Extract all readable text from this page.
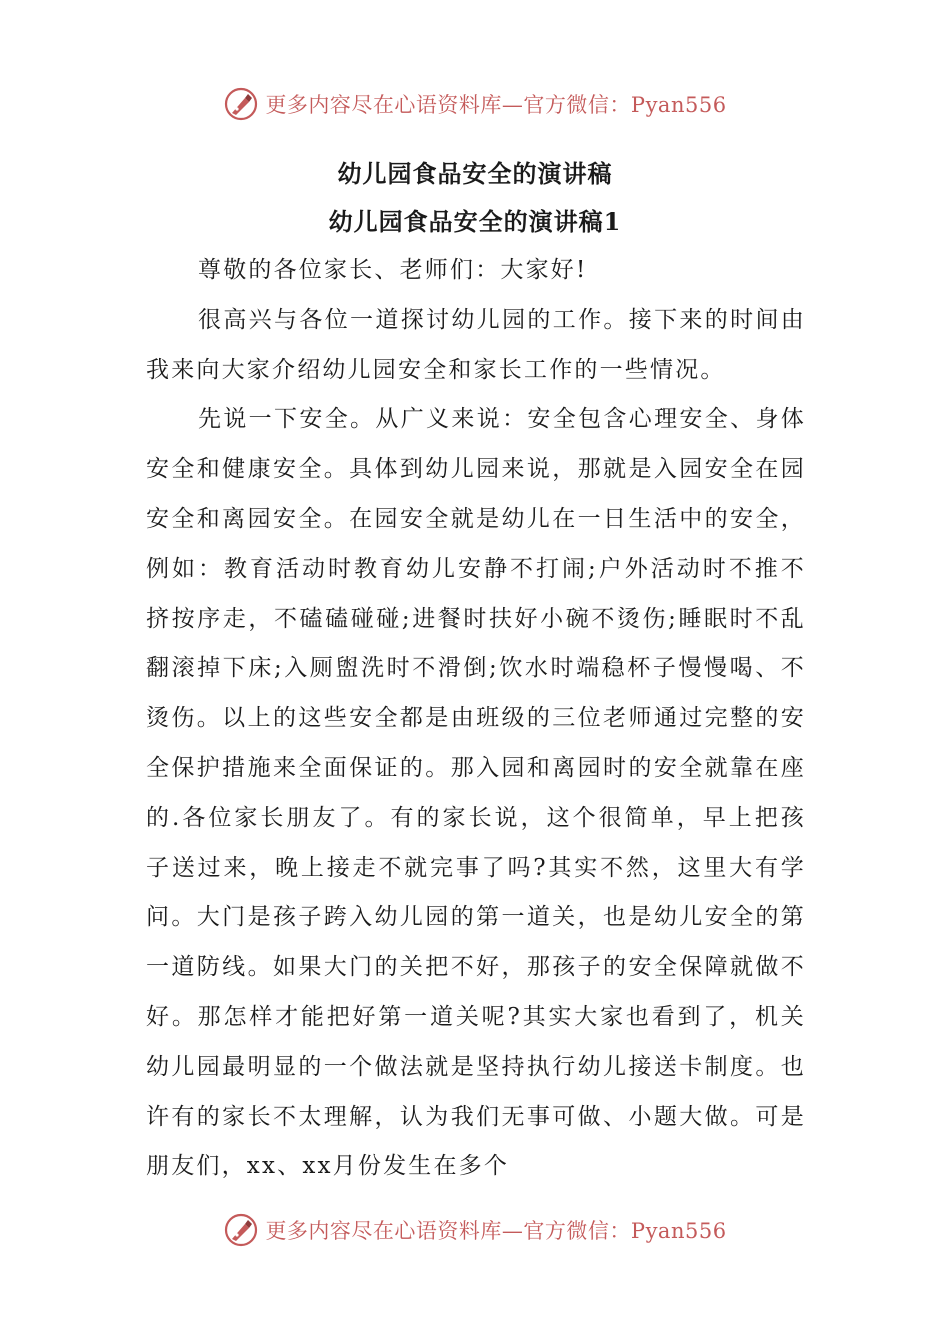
更多内容尽在心语资料库—官方微信：Pyan556
幼儿园食品安全的演讲稿
幼儿园食品安全的演讲稿1

尊敬的各位家长、老师们：大家好!

很高兴与各位一道探讨幼儿园的工作。接下来的时间由我来向大家介绍幼儿园安全和家长工作的一些情况。

先说一下安全。从广义来说：安全包含心理安全、身体安全和健康安全。具体到幼儿园来说，那就是入园安全在园安全和离园安全。在园安全就是幼儿在一日生活中的安全，例如：教育活动时教育幼儿安静不打闹;户外活动时不推不挤按序走，不磕磕碰碰;进餐时扶好小碗不烫伤;睡眠时不乱翻滚掉下床;入厕盥洗时不滑倒;饮水时端稳杯子慢慢喝、不烫伤。以上的这些安全都是由班级的三位老师通过完整的安全保护措施来全面保证的。那入园和离园时的安全就靠在座的.各位家长朋友了。有的家长说，这个很简单，早上把孩子送过来，晚上接走不就完事了吗?其实不然，这里大有学问。大门是孩子跨入幼儿园的第一道关，也是幼儿安全的第一道防线。如果大门的关把不好，那孩子的安全保障就做不好。那怎样才能把好第一道关呢?其实大家也看到了，机关幼儿园最明显的一个做法就是坚持执行幼儿接送卡制度。也许有的家长不太理解，认为我们无事可做、小题大做。可是朋友们，xx、xx月份发生在多个

更多内容尽在心语资料库—官方微信：Pyan556
